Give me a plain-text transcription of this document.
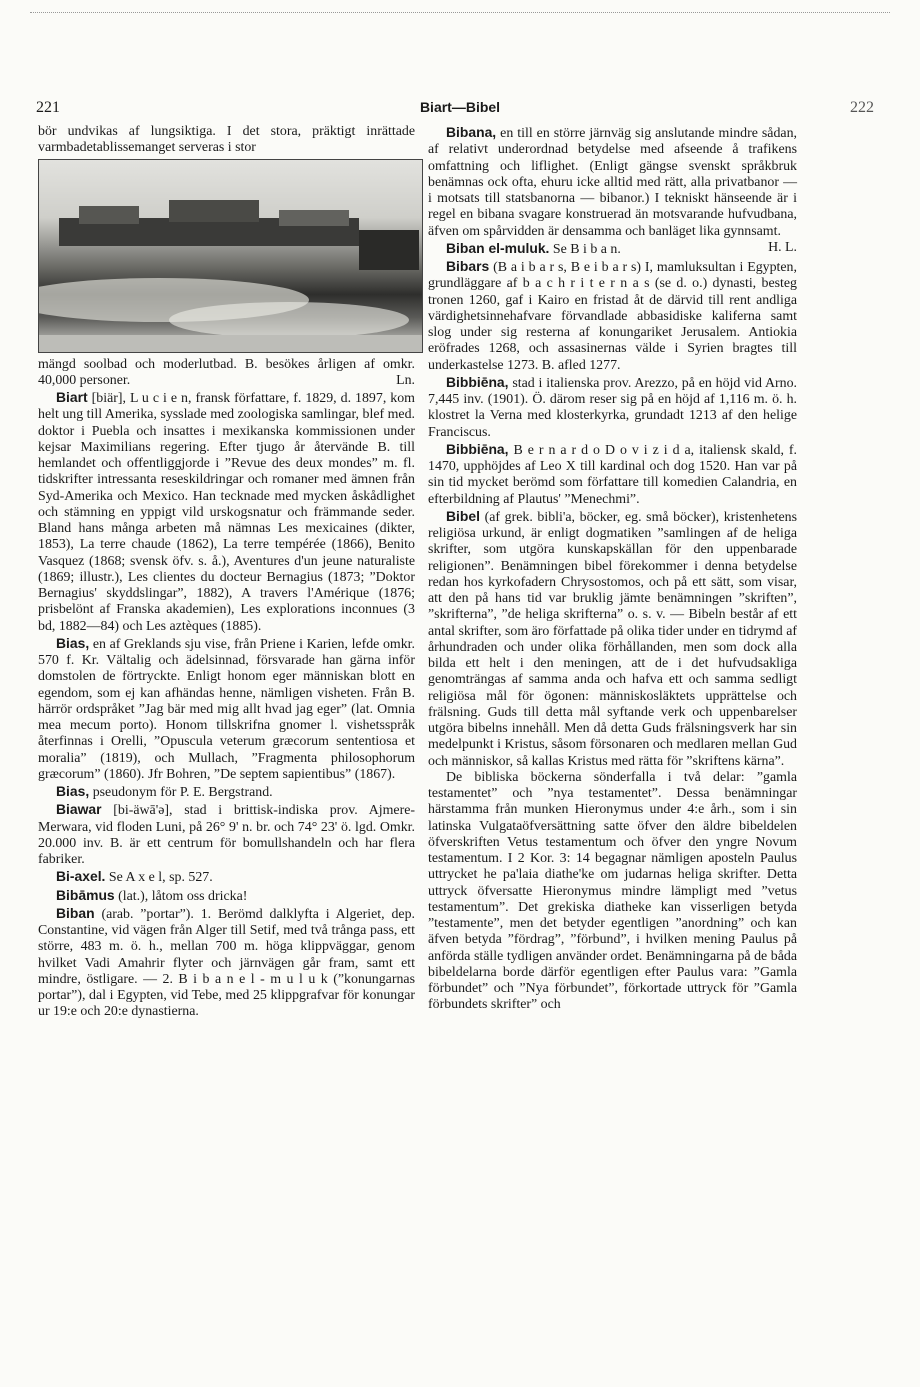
221	Biart—Bibel	222

bör undvikas af lungsiktiga. I det stora, präktigt inrättade varmbadetablissemanget serveras i stor

mängd soolbad och moderlutbad. B. besökes årligen af omkr. 40,000 personer.	Ln.

Biart [biär], L u c i e n, fransk författare, f. 1829, d. 1897, kom helt ung till Amerika, sysslade med zoologiska samlingar, blef med. doktor i Puebla och insattes i mexikanska kommissionen under kejsar Maximilians regering. Efter tjugo år återvände B. till hemlandet och offentliggjorde i ”Revue des deux mondes” m. fl. tidskrifter intressanta reseskildringar och romaner med ämnen från Syd-Amerika och Mexico. Han tecknade med mycken åskådlighet och stämning en yppigt vild urskogsnatur och främmande seder. Bland hans många arbeten må nämnas Les mexicaines (dikter, 1853), La terre chaude (1862), La terre tempérée (1866), Benito Vasquez (1868; svensk öfv. s. å.), Aventures d'un jeune naturaliste (1869; illustr.), Les clientes du docteur Bernagius (1873; ”Doktor Bernagius' skyddslingar”, 1882), A travers l'Amérique (1876; prisbelönt af Franska akademien), Les explorations inconnues (3 bd, 1882—84) och Les aztèques (1885).

Bias, en af Greklands sju vise, från Priene i Karien, lefde omkr. 570 f. Kr. Vältalig och ädelsinnad, försvarade han gärna inför domstolen de förtryckte. Enligt honom eger människan blott en egendom, som ej kan afhändas henne, nämligen visheten. Från B. härrör ordspråket ”Jag bär med mig allt hvad jag eger” (lat. Omnia mea mecum porto). Honom tillskrifna gnomer l. vishetsspråk återfinnas i Orelli, ”Opuscula veterum græcorum sententiosa et moralia” (1819), och Mullach, ”Fragmenta philosophorum græcorum” (1860). Jfr Bohren, ”De septem sapientibus” (1867).

Bias, pseudonym för P. E. Bergstrand.

Biawar [bi-äwā'ə], stad i brittisk-indiska prov. Ajmere-Merwara, vid floden Luni, på 26° 9' n. br. och 74° 23' ö. lgd. Omkr. 20.000 inv. B. är ett centrum för bomullshandeln och har flera fabriker.

Bi-axel. Se A x e l, sp. 527.

Bibāmus (lat.), låtom oss dricka!

Biban (arab. ”portar”). 1. Berömd dalklyfta i Algeriet, dep. Constantine, vid vägen från Alger till Setif, med två trånga pass, ett större, 483 m. ö. h., mellan 700 m. höga klippväggar, genom hvilket Vadi Amahrir flyter och järnvägen går fram, samt ett mindre, östligare. — 2. B i b a n e l - m u l u k (”konungarnas portar”), dal i Egypten, vid Tebe, med 25 klippgrafvar för konungar ur 19:e och 20:e dynastierna.

Bibana, en till en större järnväg sig anslutande mindre sådan, af relativt underordnad betydelse med afseende å trafikens omfattning och liflighet. (Enligt gängse svenskt språkbruk benämnas ock ofta, ehuru icke alltid med rätt, alla privatbanor — i motsats till statsbanorna — bibanor.) I tekniskt hänseende är i regel en bibana svagare konstruerad än motsvarande hufvudbana, äfven om spårvidden är densamma och banläget lika gynnsamt.
H. L.

Biban el-muluk. Se B i b a n.

Bibars (B a i b a r s, B e i b a r s) I, mamluksultan i Egypten, grundläggare af b a c h r i t e r n a s (se d. o.) dynasti, besteg tronen 1260, gaf i Kairo en fristad åt de därvid till rent andliga värdighetsinnehafvare förvandlade abbasidiske kaliferna samt slog under sig resterna af konungariket Jerusalem. Antiokia eröfrades 1268, och assasinernas välde i Syrien bragtes till underkastelse 1273. B. afled 1277.

Bibbiēna, stad i italienska prov. Arezzo, på en höjd vid Arno. 7,445 inv. (1901). Ö. därom reser sig på en höjd af 1,116 m. ö. h. klostret la Verna med klosterkyrka, grundadt 1213 af den helige Franciscus.

Bibbiēna, B e r n a r d o D o v i z i d a, italiensk skald, f. 1470, upphöjdes af Leo X till kardinal och dog 1520. Han var på sin tid mycket berömd som författare till komedien Calandria, en efterbildning af Plautus' ”Menechmi”.

Bibel (af grek. bibli'a, böcker, eg. små böcker), kristenhetens religiösa urkund, är enligt dogmatiken ”samlingen af de heliga skrifter, som utgöra kunskapskällan för den uppenbarade religionen”. Benämningen bibel förekommer i denna betydelse redan hos kyrkofadern Chrysostomos, och på ett sätt, som visar, att den på hans tid var bruklig jämte benämningen ”skriften”, ”skrifterna”, ”de heliga skrifterna” o. s. v. — Bibeln består af ett antal skrifter, som äro författade på olika tider under en tidrymd af århundraden och under olika förhållanden, men som dock alla bilda ett helt i den meningen, att de i det hufvudsakliga genomträngas af samma anda och hafva ett och samma sedligt religiösa mål för ögonen: människosläktets upprättelse och frälsning. Guds till detta mål syftande verk och uppenbarelser utgöra bibelns innehåll. Men då detta Guds frälsningsverk har sin medelpunkt i Kristus, såsom försonaren och medlaren mellan Gud och människor, så kallas Kristus med rätta för ”skriftens kärna”.

De bibliska böckerna sönderfalla i två delar: ”gamla testamentet” och ”nya testamentet”. Dessa benämningar härstamma från munken Hieronymus under 4:e årh., som i sin latinska Vulgataöfversättning satte öfver den äldre bibeldelen öfverskriften Vetus testamentum och öfver den yngre Novum testamentum. I 2 Kor. 3: 14 begagnar nämligen aposteln Paulus uttrycket he pa'laia diathe'ke om judarnas heliga skrifter. Detta uttryck öfversatte Hieronymus mindre lämpligt med ”vetus testamentum”. Det grekiska diatheke kan visserligen betyda ”testamente”, men det betyder egentligen ”anordning” och kan äfven betyda ”fördrag”, ”förbund”, i hvilken mening Paulus på anförda ställe tydligen använder ordet. Benämningarna på de båda bibeldelarna borde därför egentligen efter Paulus vara: ”Gamla förbundet” och ”Nya förbundet”, förkortade uttryck för ”Gamla förbundets skrifter” och
